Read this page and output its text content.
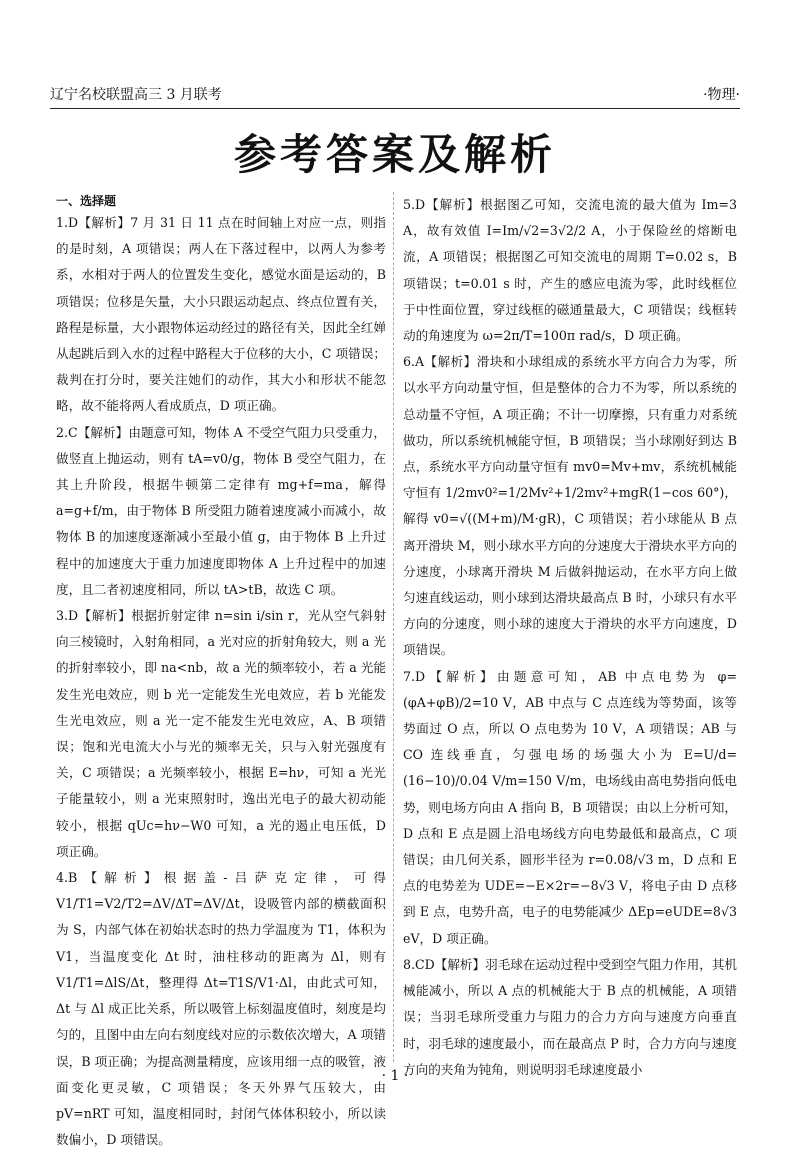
辽宁名校联盟高三 3 月联考	·物理·
参考答案及解析
一、选择题

1.D【解析】7 月 31 日 11 点在时间轴上对应一点，则指的是时刻，A 项错误；两人在下落过程中，以两人为参考系，水相对于两人的位置发生变化，感觉水面是运动的，B 项错误；位移是矢量，大小只跟运动起点、终点位置有关，路程是标量，大小跟物体运动经过的路径有关，因此全红婵从起跳后到入水的过程中路程大于位移的大小，C 项错误；裁判在打分时，要关注她们的动作，其大小和形状不能忽略，故不能将两人看成质点，D 项正确。

2.C【解析】由题意可知，物体 A 不受空气阻力只受重力，做竖直上抛运动，则有 tA=v0/g，物体 B 受空气阻力，在其上升阶段，根据牛顿第二定律有 mg+f=ma，解得 a=g+f/m，由于物体 B 所受阻力随着速度减小而减小，故物体 B 的加速度逐渐减小至最小值 g，由于物体 B 上升过程中的加速度大于重力加速度即物体 A 上升过程中的加速度，且二者初速度相同，所以 tA>tB，故选 C 项。

3.D【解析】根据折射定律 n=sin i/sin r，光从空气斜射向三棱镜时，入射角相同，a 光对应的折射角较大，则 a 光的折射率较小，即 na<nb，故 a 光的频率较小，若 a 光能发生光电效应，则 b 光一定能发生光电效应，若 b 光能发生光电效应，则 a 光一定不能发生光电效应，A、B 项错误；饱和光电流大小与光的频率无关，只与入射光强度有关，C 项错误；a 光频率较小，根据 E=hν，可知 a 光光子能量较小，则 a 光束照射时，逸出光电子的最大初动能较小，根据 qUc=hν−W0 可知，a 光的遏止电压低，D 项正确。

4.B【解析】根据盖-吕萨克定律，可得 V1/T1=V2/T2=ΔV/ΔT=ΔV/Δt，设吸管内部的横截面积为 S，内部气体在初始状态时的热力学温度为 T1，体积为 V1，当温度变化 Δt 时，油柱移动的距离为 Δl，则有 V1/T1=ΔlS/Δt，整理得 Δt=T1S/V1·Δl，由此式可知，Δt 与 Δl 成正比关系，所以吸管上标刻温度值时，刻度是均匀的，且图中由左向右刻度线对应的示数依次增大，A 项错误，B 项正确；为提高测量精度，应该用细一点的吸管，液面变化更灵敏，C 项错误；冬天外界气压较大，由 pV=nRT 可知，温度相同时，封闭气体体积较小，所以读数偏小，D 项错误。

5.D【解析】根据图乙可知，交流电流的最大值为 Im=3 A，故有效值 I=Im/√2=3√2/2 A，小于保险丝的熔断电流，A 项错误；根据图乙可知交流电的周期 T=0.02 s，B 项错误；t=0.01 s 时，产生的感应电流为零，此时线框位于中性面位置，穿过线框的磁通量最大，C 项错误；线框转动的角速度为 ω=2π/T=100π rad/s，D 项正确。

6.A【解析】滑块和小球组成的系统水平方向合力为零，所以水平方向动量守恒，但是整体的合力不为零，所以系统的总动量不守恒，A 项正确；不计一切摩擦，只有重力对系统做功，所以系统机械能守恒，B 项错误；当小球刚好到达 B 点，系统水平方向动量守恒有 mv0=Mv+mv，系统机械能守恒有 1/2mv0²=1/2Mv²+1/2mv²+mgR(1−cos 60°)，解得 v0=√((M+m)/M·gR)，C 项错误；若小球能从 B 点离开滑块 M，则小球水平方向的分速度大于滑块水平方向的分速度，小球离开滑块 M 后做斜抛运动，在水平方向上做匀速直线运动，则小球到达滑块最高点 B 时，小球只有水平方向的分速度，则小球的速度大于滑块的水平方向速度，D 项错误。

7.D【解析】由题意可知，AB 中点电势为 φ=(φA+φB)/2=10 V，AB 中点与 C 点连线为等势面，该等势面过 O 点，所以 O 点电势为 10 V，A 项错误；AB 与 CO 连线垂直，匀强电场的场强大小为 E=U/d=(16−10)/0.04 V/m=150 V/m，电场线由高电势指向低电势，则电场方向由 A 指向 B，B 项错误；由以上分析可知，D 点和 E 点是圆上沿电场线方向电势最低和最高点，C 项错误；由几何关系，圆形半径为 r=0.08/√3 m，D 点和 E 点的电势差为 UDE=−E×2r=−8√3 V，将电子由 D 点移到 E 点，电势升高，电子的电势能减少 ΔEp=eUDE=8√3 eV，D 项正确。

8.CD【解析】羽毛球在运动过程中受到空气阻力作用，其机械能减小，所以 A 点的机械能大于 B 点的机械能，A 项错误；当羽毛球所受重力与阻力的合力方向与速度方向垂直时，羽毛球的速度最小，而在最高点 P 时，合力方向与速度方向的夹角为钝角，则说明羽毛球速度最小

· 1 ·
